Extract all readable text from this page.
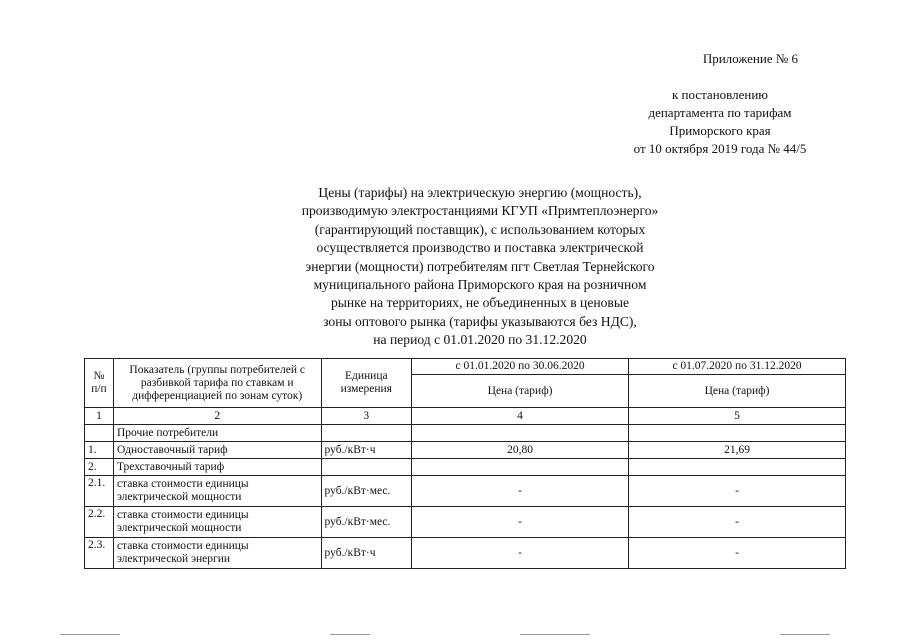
Приложение № 6
к постановлению
департамента по тарифам
Приморского края
от 10 октября 2019 года № 44/5
Цены (тарифы) на электрическую энергию (мощность),
производимую электростанциями КГУП «Примтеплоэнерго»
(гарантирующий поставщик), с использованием которых
осуществляется производство и поставка электрической
энергии (мощности) потребителям пгт Светлая Тернейского
муниципального района Приморского края на розничном
рынке на территориях, не объединенных в ценовые
зоны оптового рынка (тарифы указываются без НДС),
на период с 01.01.2020 по 31.12.2020
№ п/п	Показатель (группы потребителей с разбивкой тарифа по ставкам и дифференциацией по зонам суток)	Единица измерения	с 01.01.2020 по 30.06.2020	с 01.07.2020 по 31.12.2020
			Цена (тариф)	Цена (тариф)
1	2	3	4	5
	Прочие потребители			
1.	Одноставочный тариф	руб./кВт·ч	20,80	21,69
2.	Трехставочный тариф			
2.1.	ставка стоимости единицы электрической мощности	руб./кВт·мес.	-	-
2.2.	ставка стоимости единицы электрической мощности	руб./кВт·мес.	-	-
2.3.	ставка стоимости единицы электрической энергии	руб./кВт·ч	-	-
